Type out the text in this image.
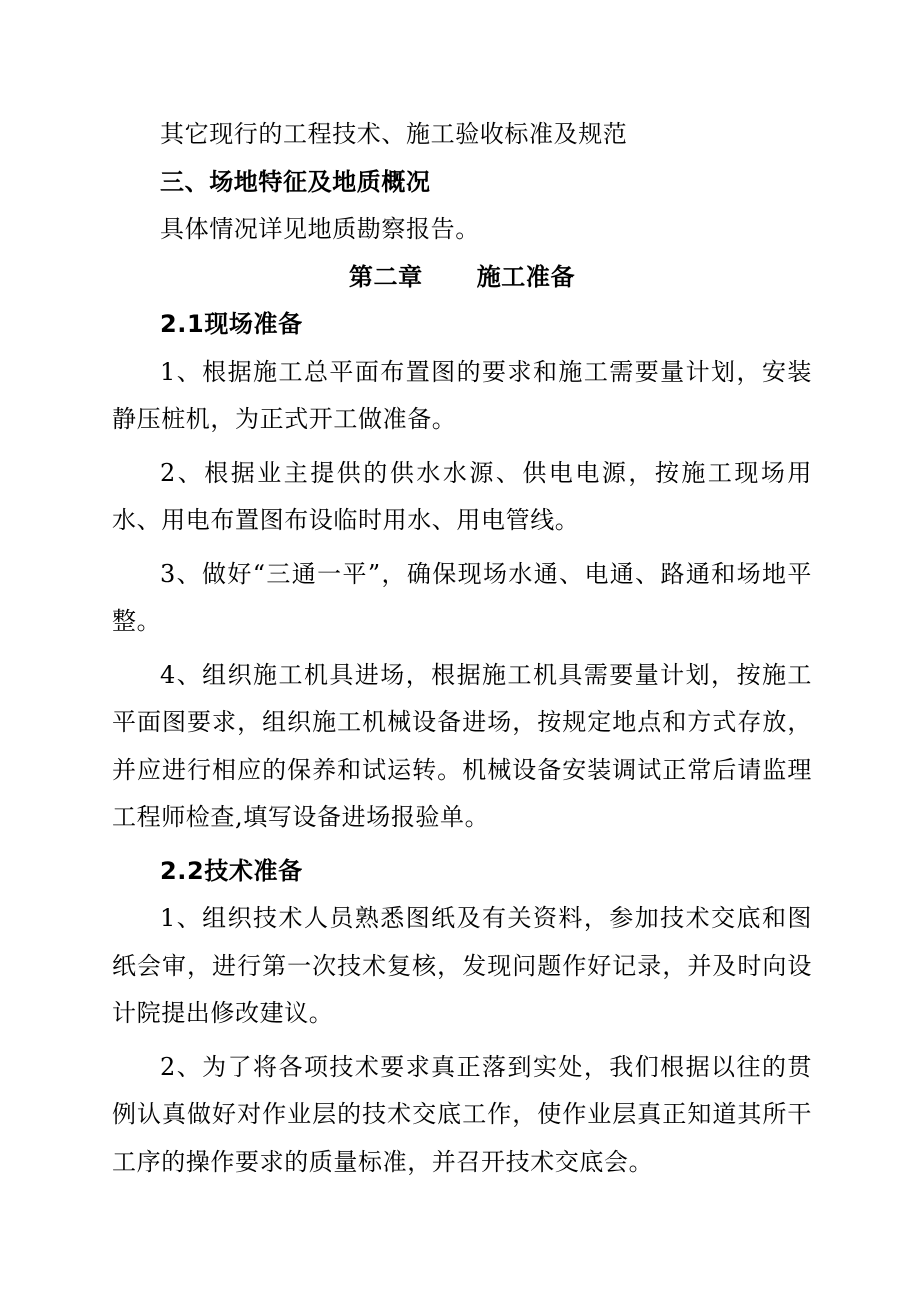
其它现行的工程技术、施工验收标准及规范

三、场地特征及地质概况

具体情况详见地质勘察报告。

第二章 施工准备

2.1现场准备

1、根据施工总平面布置图的要求和施工需要量计划，安装静压桩机，为正式开工做准备。

2、根据业主提供的供水水源、供电电源，按施工现场用水、用电布置图布设临时用水、用电管线。

3、做好“三通一平”，确保现场水通、电通、路通和场地平整。

4、组织施工机具进场，根据施工机具需要量计划，按施工平面图要求，组织施工机械设备进场，按规定地点和方式存放，并应进行相应的保养和试运转。机械设备安装调试正常后请监理工程师检查,填写设备进场报验单。

2.2技术准备

1、组织技术人员熟悉图纸及有关资料，参加技术交底和图纸会审，进行第一次技术复核，发现问题作好记录，并及时向设计院提出修改建议。

2、为了将各项技术要求真正落到实处，我们根据以往的贯例认真做好对作业层的技术交底工作，使作业层真正知道其所干工序的操作要求的质量标准，并召开技术交底会。
